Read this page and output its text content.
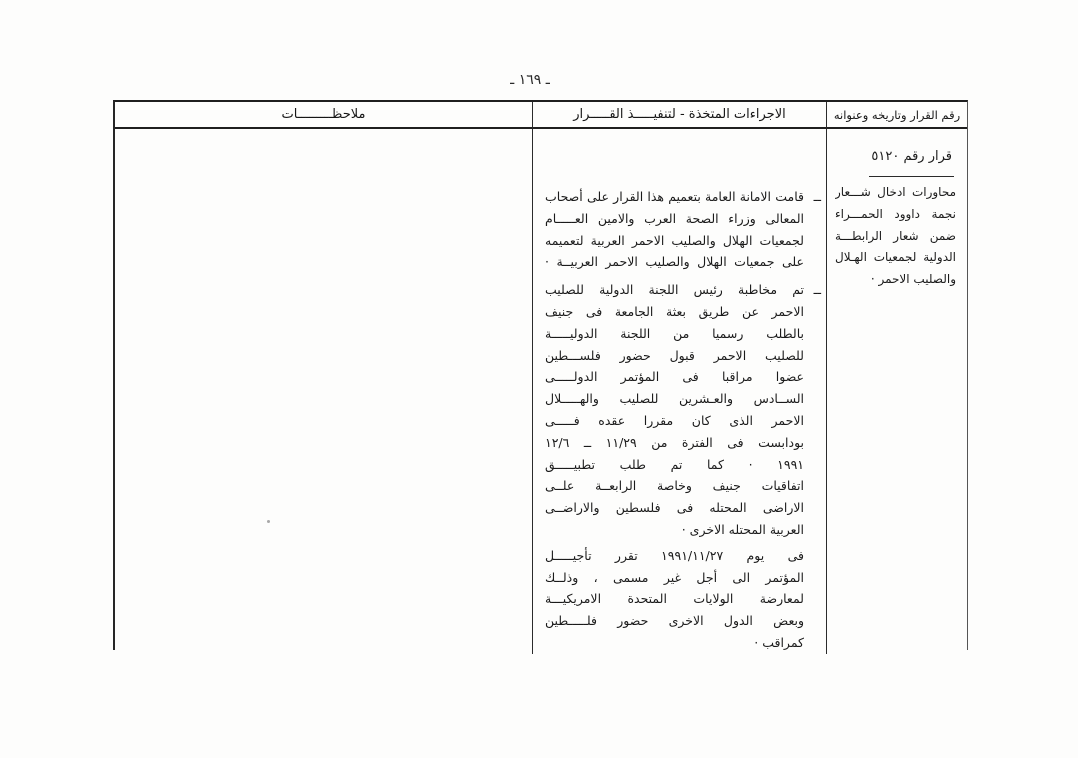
ـ ١٦٩ ـ
رقم القرار وتاريخه وعنوانه
الاجراءات المتخذة - لتنفيـــــذ القـــــرار
ملاحظـــــــــات
قرار رقم ٥١٢٠
محاورات ادخال شـــعار
نجمة داوود الحمـــراء
ضمن شعار الرابطـــة
الدولية لجمعيات الهـلال
والصليب الاحمر ·
ــ
قامت الامانة العامة بتعميم هذا القرار على أصحاب
المعالى وزراء الصحة العرب والامين العـــــام
لجمعيات الهلال والصليب الاحمر العربية لتعميمه
على جمعيات الهلال والصليب الاحمر العربيــة ·
ــ
تم مخاطبة رئيس اللجنة الدولية للصليب
الاحمر عن طريق بعثة الجامعة فى جنيف
بالطلب رسميا من اللجنة الدوليـــــة
للصليب الاحمر قبول حضور فلســـطين
عضوا مراقبا فى المؤتمر الدولـــــى
الســادس والعـشرين للصليب والهـــــلال
الاحمر الذى كان مقررا عقده فـــــى
بودابست فى الفترة من ١١/٢٩ ــ ١٢/٦
١٩٩١ · كما تم طلب تطبيـــــق
اتفاقيات جنيف وخاصة الرابعــة علــى
الاراضى المحتله فى فلسطين والاراضــى
العربية المحتله الاخرى ·
فى يوم ١٩٩١/١١/٢٧ تقرر تأجيـــــل
المؤتمر الى أجل غير مسمى ، وذلــك
لمعارضة الولايات المتحدة الامريكيـــة
وبعض الدول الاخرى حضور فلـــــطين
كمراقب ·
